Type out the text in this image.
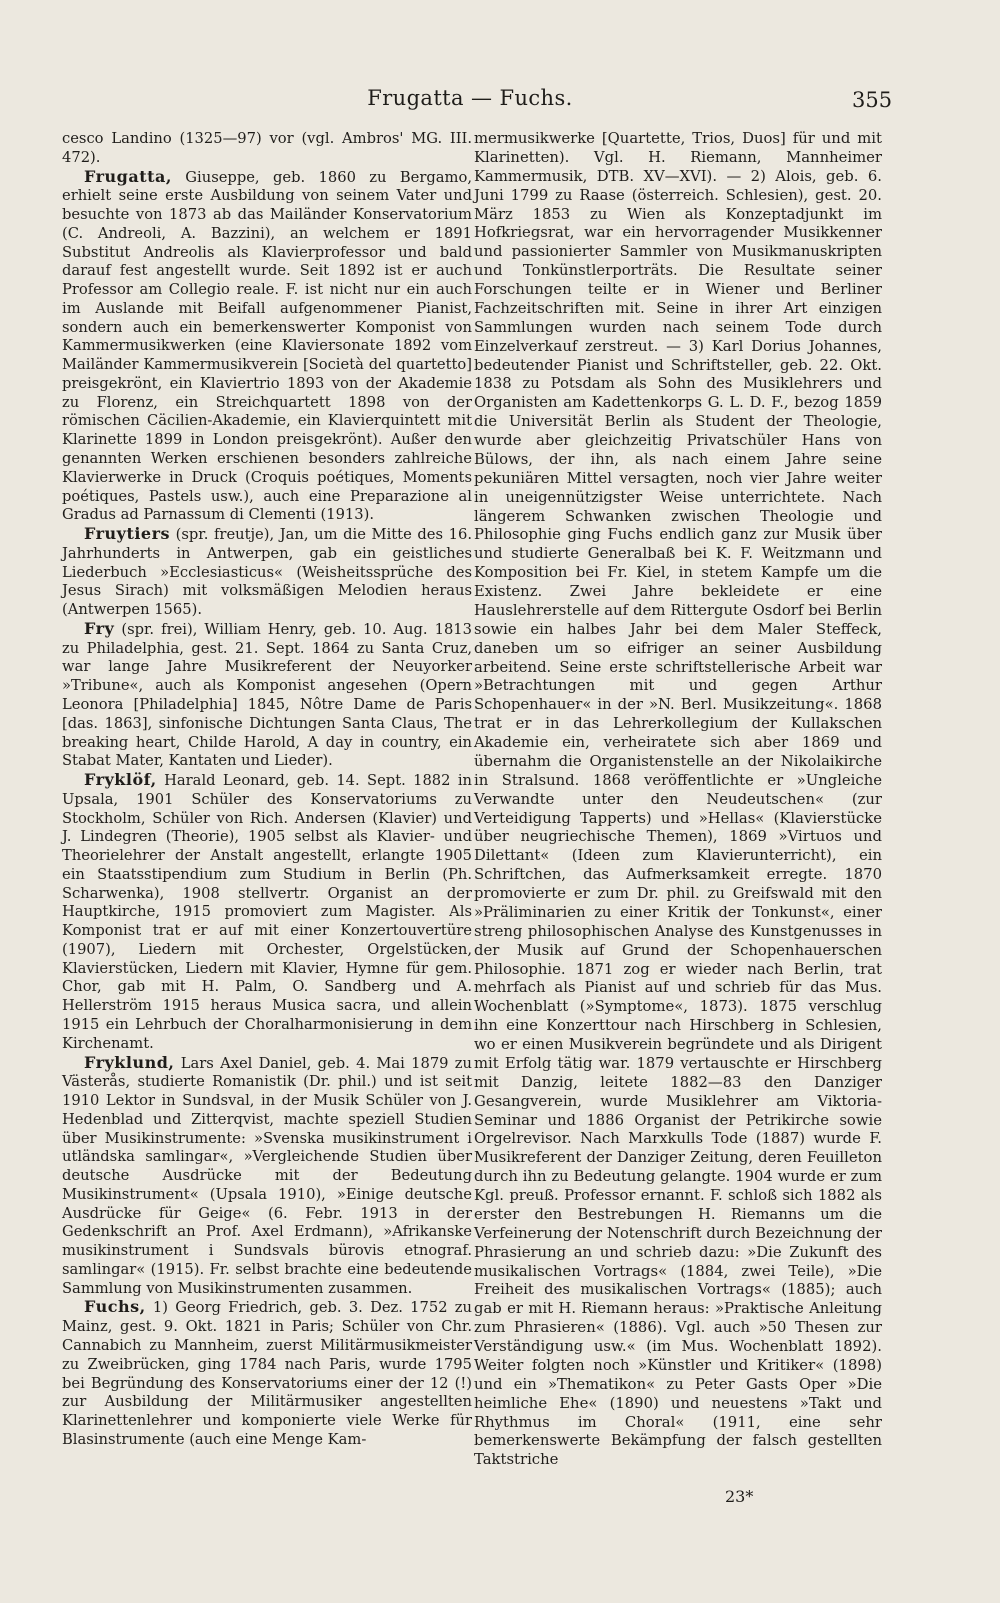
Frugatta — Fuchs.	355

cesco Landino (1325—97) vor (vgl. Ambros' MG. III. 472).

Frugatta, Giuseppe, geb. 1860 zu Bergamo, erhielt seine erste Ausbildung von seinem Vater und besuchte von 1873 ab das Mailänder Konservatorium (C. Andreoli, A. Bazzini), an welchem er 1891 Substitut Andreolis als Klavierprofessor und bald darauf fest angestellt wurde. Seit 1892 ist er auch Professor am Collegio reale. F. ist nicht nur ein auch im Auslande mit Beifall aufgenommener Pianist, sondern auch ein bemerkenswerter Komponist von Kammermusikwerken (eine Klaviersonate 1892 vom Mailänder Kammermusikverein [Società del quartetto] preisgekrönt, ein Klaviertrio 1893 von der Akademie zu Florenz, ein Streichquartett 1898 von der römischen Cäcilien-Akademie, ein Klavierquintett mit Klarinette 1899 in London preisgekrönt). Außer den genannten Werken erschienen besonders zahlreiche Klavierwerke in Druck (Croquis poétiques, Moments poétiques, Pastels usw.), auch eine Preparazione al Gradus ad Parnassum di Clementi (1913).

Fruytiers (spr. freutje), Jan, um die Mitte des 16. Jahrhunderts in Antwerpen, gab ein geistliches Liederbuch »Ecclesiasticus« (Weisheitssprüche des Jesus Sirach) mit volksmäßigen Melodien heraus (Antwerpen 1565).

Fry (spr. frei), William Henry, geb. 10. Aug. 1813 zu Philadelphia, gest. 21. Sept. 1864 zu Santa Cruz, war lange Jahre Musikreferent der Neuyorker »Tribune«, auch als Komponist angesehen (Opern Leonora [Philadelphia] 1845, Nôtre Dame de Paris [das. 1863], sinfonische Dichtungen Santa Claus, The breaking heart, Childe Harold, A day in country, ein Stabat Mater, Kantaten und Lieder).

Fryklöf, Harald Leonard, geb. 14. Sept. 1882 in Upsala, 1901 Schüler des Konservatoriums zu Stockholm, Schüler von Rich. Andersen (Klavier) und J. Lindegren (Theorie), 1905 selbst als Klavier- und Theorielehrer der Anstalt angestellt, erlangte 1905 ein Staatsstipendium zum Studium in Berlin (Ph. Scharwenka), 1908 stellvertr. Organist an der Hauptkirche, 1915 promoviert zum Magister. Als Komponist trat er auf mit einer Konzertouvertüre (1907), Liedern mit Orchester, Orgelstücken, Klavierstücken, Liedern mit Klavier, Hymne für gem. Chor, gab mit H. Palm, O. Sandberg und A. Hellerström 1915 heraus Musica sacra, und allein 1915 ein Lehrbuch der Choralharmonisierung in dem Kirchenamt.

Fryklund, Lars Axel Daniel, geb. 4. Mai 1879 zu Västerås, studierte Romanistik (Dr. phil.) und ist seit 1910 Lektor in Sundsval, in der Musik Schüler von J. Hedenblad und Zitterqvist, machte speziell Studien über Musikinstrumente: »Svenska musikinstrument i utländska samlingar«, »Vergleichende Studien über deutsche Ausdrücke mit der Bedeutung Musikinstrument« (Upsala 1910), »Einige deutsche Ausdrücke für Geige« (6. Febr. 1913 in der Gedenkschrift an Prof. Axel Erdmann), »Afrikanske musikinstrument i Sundsvals bürovis etnograf. samlingar« (1915). Fr. selbst brachte eine bedeutende Sammlung von Musikinstrumenten zusammen.

Fuchs, 1) Georg Friedrich, geb. 3. Dez. 1752 zu Mainz, gest. 9. Okt. 1821 in Paris; Schüler von Chr. Cannabich zu Mannheim, zuerst Militärmusikmeister zu Zweibrücken, ging 1784 nach Paris, wurde 1795 bei Begründung des Konservatoriums einer der 12 (!) zur Ausbildung der Militärmusiker angestellten Klarinettenlehrer und komponierte viele Werke für Blasinstrumente (auch eine Menge Kam-

mermusikwerke [Quartette, Trios, Duos] für und mit Klarinetten). Vgl. H. Riemann, Mannheimer Kammermusik, DTB. XV—XVI). — 2) Alois, geb. 6. Juni 1799 zu Raase (österreich. Schlesien), gest. 20. März 1853 zu Wien als Konzeptadjunkt im Hofkriegsrat, war ein hervorragender Musikkenner und passionierter Sammler von Musikmanuskripten und Tonkünstlerporträts. Die Resultate seiner Forschungen teilte er in Wiener und Berliner Fachzeitschriften mit. Seine in ihrer Art einzigen Sammlungen wurden nach seinem Tode durch Einzelverkauf zerstreut. — 3) Karl Dorius Johannes, bedeutender Pianist und Schriftsteller, geb. 22. Okt. 1838 zu Potsdam als Sohn des Musiklehrers und Organisten am Kadettenkorps G. L. D. F., bezog 1859 die Universität Berlin als Student der Theologie, wurde aber gleichzeitig Privatschüler Hans von Bülows, der ihn, als nach einem Jahre seine pekuniären Mittel versagten, noch vier Jahre weiter in uneigennützigster Weise unterrichtete. Nach längerem Schwanken zwischen Theologie und Philosophie ging Fuchs endlich ganz zur Musik über und studierte Generalbaß bei K. F. Weitzmann und Komposition bei Fr. Kiel, in stetem Kampfe um die Existenz. Zwei Jahre bekleidete er eine Hauslehrerstelle auf dem Rittergute Osdorf bei Berlin sowie ein halbes Jahr bei dem Maler Steffeck, daneben um so eifriger an seiner Ausbildung arbeitend. Seine erste schriftstellerische Arbeit war »Betrachtungen mit und gegen Arthur Schopenhauer« in der »N. Berl. Musikzeitung«. 1868 trat er in das Lehrerkollegium der Kullakschen Akademie ein, verheiratete sich aber 1869 und übernahm die Organistenstelle an der Nikolaikirche in Stralsund. 1868 veröffentlichte er »Ungleiche Verwandte unter den Neudeutschen« (zur Verteidigung Tapperts) und »Hellas« (Klavierstücke über neugriechische Themen), 1869 »Virtuos und Dilettant« (Ideen zum Klavierunterricht), ein Schriftchen, das Aufmerksamkeit erregte. 1870 promovierte er zum Dr. phil. zu Greifswald mit den »Präliminarien zu einer Kritik der Tonkunst«, einer streng philosophischen Analyse des Kunstgenusses in der Musik auf Grund der Schopenhauerschen Philosophie. 1871 zog er wieder nach Berlin, trat mehrfach als Pianist auf und schrieb für das Mus. Wochenblatt (»Symptome«, 1873). 1875 verschlug ihn eine Konzerttour nach Hirschberg in Schlesien, wo er einen Musikverein begründete und als Dirigent mit Erfolg tätig war. 1879 vertauschte er Hirschberg mit Danzig, leitete 1882—83 den Danziger Gesangverein, wurde Musiklehrer am Viktoria-Seminar und 1886 Organist der Petrikirche sowie Orgelrevisor. Nach Marxkulls Tode (1887) wurde F. Musikreferent der Danziger Zeitung, deren Feuilleton durch ihn zu Bedeutung gelangte. 1904 wurde er zum Kgl. preuß. Professor ernannt. F. schloß sich 1882 als erster den Bestrebungen H. Riemanns um die Verfeinerung der Notenschrift durch Bezeichnung der Phrasierung an und schrieb dazu: »Die Zukunft des musikalischen Vortrags« (1884, zwei Teile), »Die Freiheit des musikalischen Vortrags« (1885); auch gab er mit H. Riemann heraus: »Praktische Anleitung zum Phrasieren« (1886). Vgl. auch »50 Thesen zur Verständigung usw.« (im Mus. Wochenblatt 1892). Weiter folgten noch »Künstler und Kritiker« (1898) und ein »Thematikon« zu Peter Gasts Oper »Die heimliche Ehe« (1890) und neuestens »Takt und Rhythmus im Choral« (1911, eine sehr bemerkenswerte Bekämpfung der falsch gestellten Taktstriche

23*
